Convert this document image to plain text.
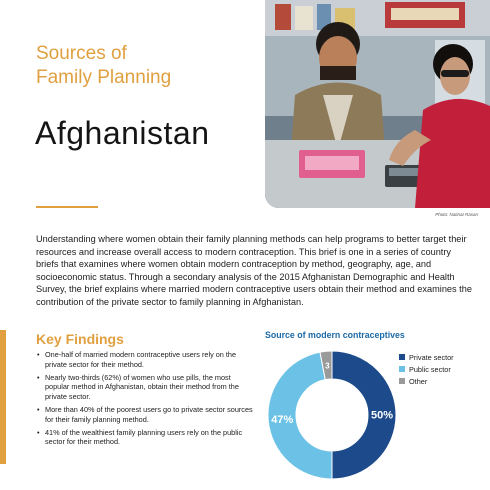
Sources of
Family Planning
Afghanistan
Photo: Natinat Rasan
Understanding where women obtain their family planning methods can help programs to better target their resources and increase overall access to modern contraception. This brief is one in a series of country briefs that examines where women obtain modern contraception by method, geography, age, and socioeconomic status. Through a secondary analysis of the 2015 Afghanistan Demographic and Health Survey, the brief explains where married modern contraceptive users obtain their method and examines the contribution of the private sector to family planning in Afghanistan.
Key Findings
• One-half of married modern contraceptive users rely on the private sector for their method.
• Nearly two-thirds (62%) of women who use pills, the most popular method in Afghanistan, obtain their method from the private sector.
• More than 40% of the poorest users go to private sector sources for their family planning method.
• 41% of the wealthiest family planning users rely on the public sector for their method.
Source of modern contraceptives
50%
47%
3
Private sector
Public sector
Other
